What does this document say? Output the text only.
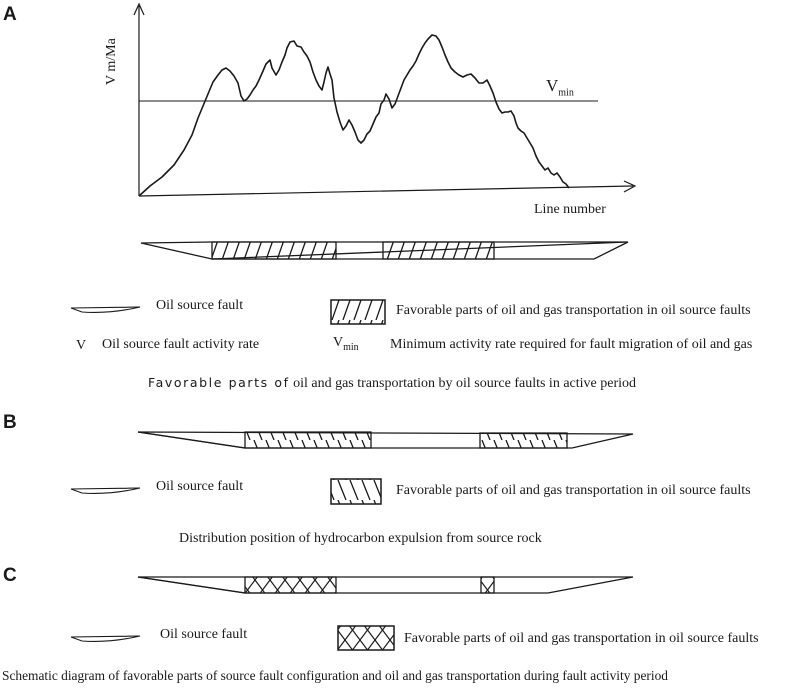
A
B
C
V m/Ma
Line number
$V_{min}$
Oil source fault	Favorable parts of oil and gas transportation in oil source faults
V Oil source fault activity rate	$V_{min}$ Minimum activity rate required for fault migration of oil and gas
Favorable parts of oil and gas transportation by oil source faults in active period
Oil source fault	Favorable parts of oil and gas transportation in oil source faults
Distribution position of hydrocarbon expulsion from source rock
Oil source fault	Favorable parts of oil and gas transportation in oil source faults
Schematic diagram of favorable parts of source fault configuration and oil and gas transportation during fault activity period
